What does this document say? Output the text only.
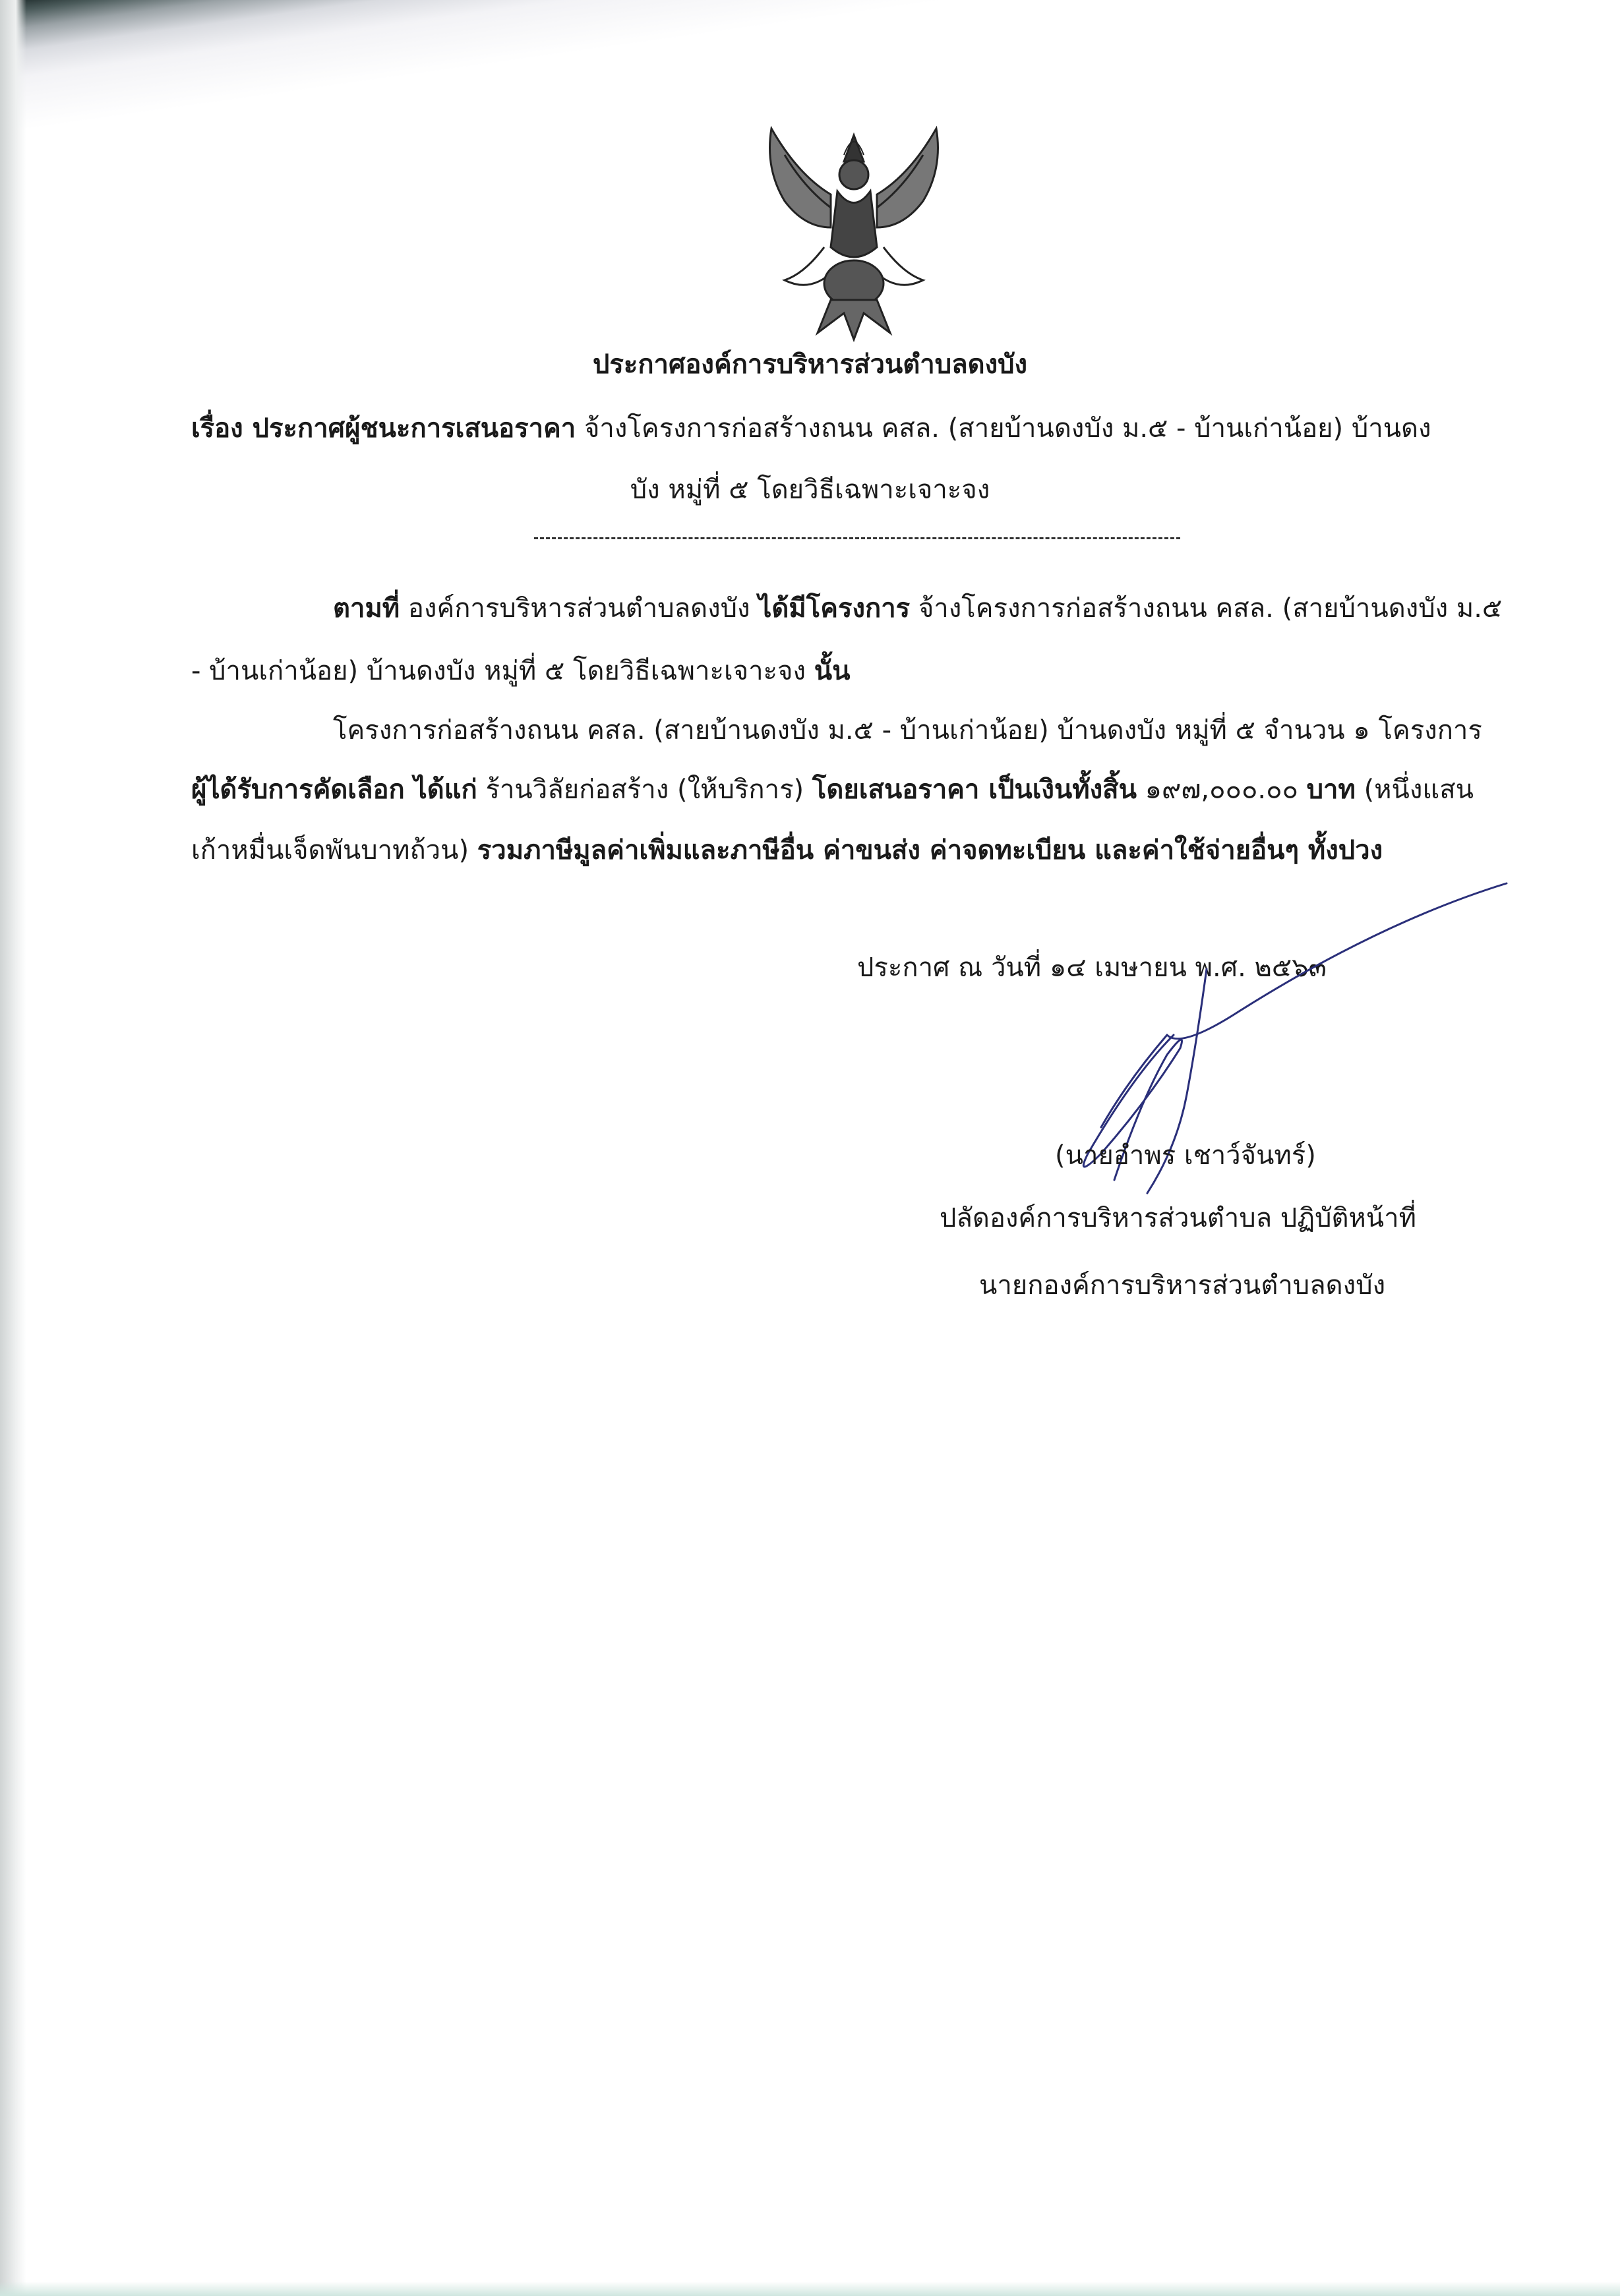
ประกาศองค์การบริหารส่วนตำบลดงบัง
เรื่อง ประกาศผู้ชนะการเสนอราคา จ้างโครงการก่อสร้างถนน คสล. (สายบ้านดงบัง ม.๕ - บ้านเก่าน้อย) บ้านดง
บัง หมู่ที่ ๕ โดยวิธีเฉพาะเจาะจง
ตามที่ องค์การบริหารส่วนตำบลดงบัง ได้มีโครงการ จ้างโครงการก่อสร้างถนน คสล. (สายบ้านดงบัง ม.๕
- บ้านเก่าน้อย) บ้านดงบัง หมู่ที่ ๕ โดยวิธีเฉพาะเจาะจง นั้น
โครงการก่อสร้างถนน คสล. (สายบ้านดงบัง ม.๕ - บ้านเก่าน้อย) บ้านดงบัง หมู่ที่ ๕ จำนวน ๑ โครงการ
ผู้ได้รับการคัดเลือก ได้แก่ ร้านวิลัยก่อสร้าง (ให้บริการ) โดยเสนอราคา เป็นเงินทั้งสิ้น ๑๙๗,๐๐๐.๐๐ บาท (หนึ่งแสน
เก้าหมื่นเจ็ดพันบาทถ้วน) รวมภาษีมูลค่าเพิ่มและภาษีอื่น ค่าขนส่ง ค่าจดทะเบียน และค่าใช้จ่ายอื่นๆ ทั้งปวง
ประกาศ ณ วันที่ ๑๔ เมษายน พ.ศ. ๒๕๖๓
(นายอำพร เชาว์จันทร์)
ปลัดองค์การบริหารส่วนตำบล ปฏิบัติหน้าที่
นายกองค์การบริหารส่วนตำบลดงบัง
